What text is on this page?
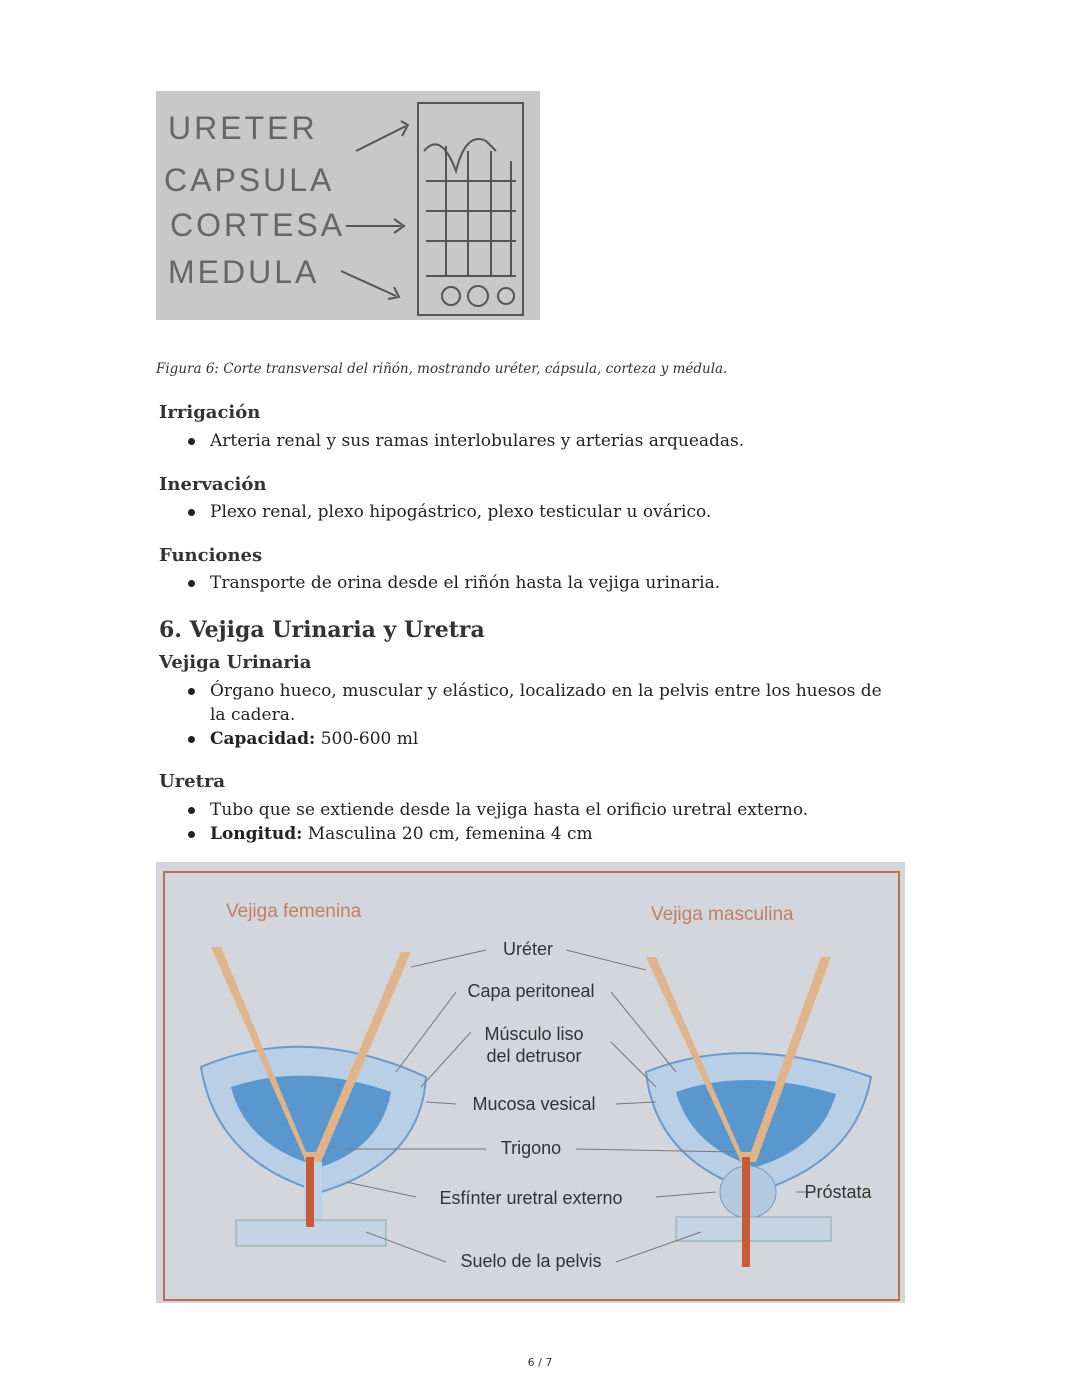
URETER
CAPSULA
CORTESA
MEDULA
Figura 6: Corte transversal del riñón, mostrando uréter, cápsula, corteza y médula.
Irrigación
Arteria renal y sus ramas interlobulares y arterias arqueadas.
Inervación
Plexo renal, plexo hipogástrico, plexo testicular u ovárico.
Funciones
Transporte de orina desde el riñón hasta la vejiga urinaria.
6. Vejiga Urinaria y Uretra
Vejiga Urinaria
Órgano hueco, muscular y elástico, localizado en la pelvis entre los huesos de la cadera.
Capacidad: 500-600 ml
Uretra
Tubo que se extiende desde la vejiga hasta el orificio uretral externo.
Longitud: Masculina 20 cm, femenina 4 cm
Vejiga femenina	Vejiga masculina
Uréter
Capa peritoneal
Músculo liso
del detrusor
Mucosa vesical
Trigono
Esfínter uretral externo	Próstata
Suelo de la pelvis
6 / 7
